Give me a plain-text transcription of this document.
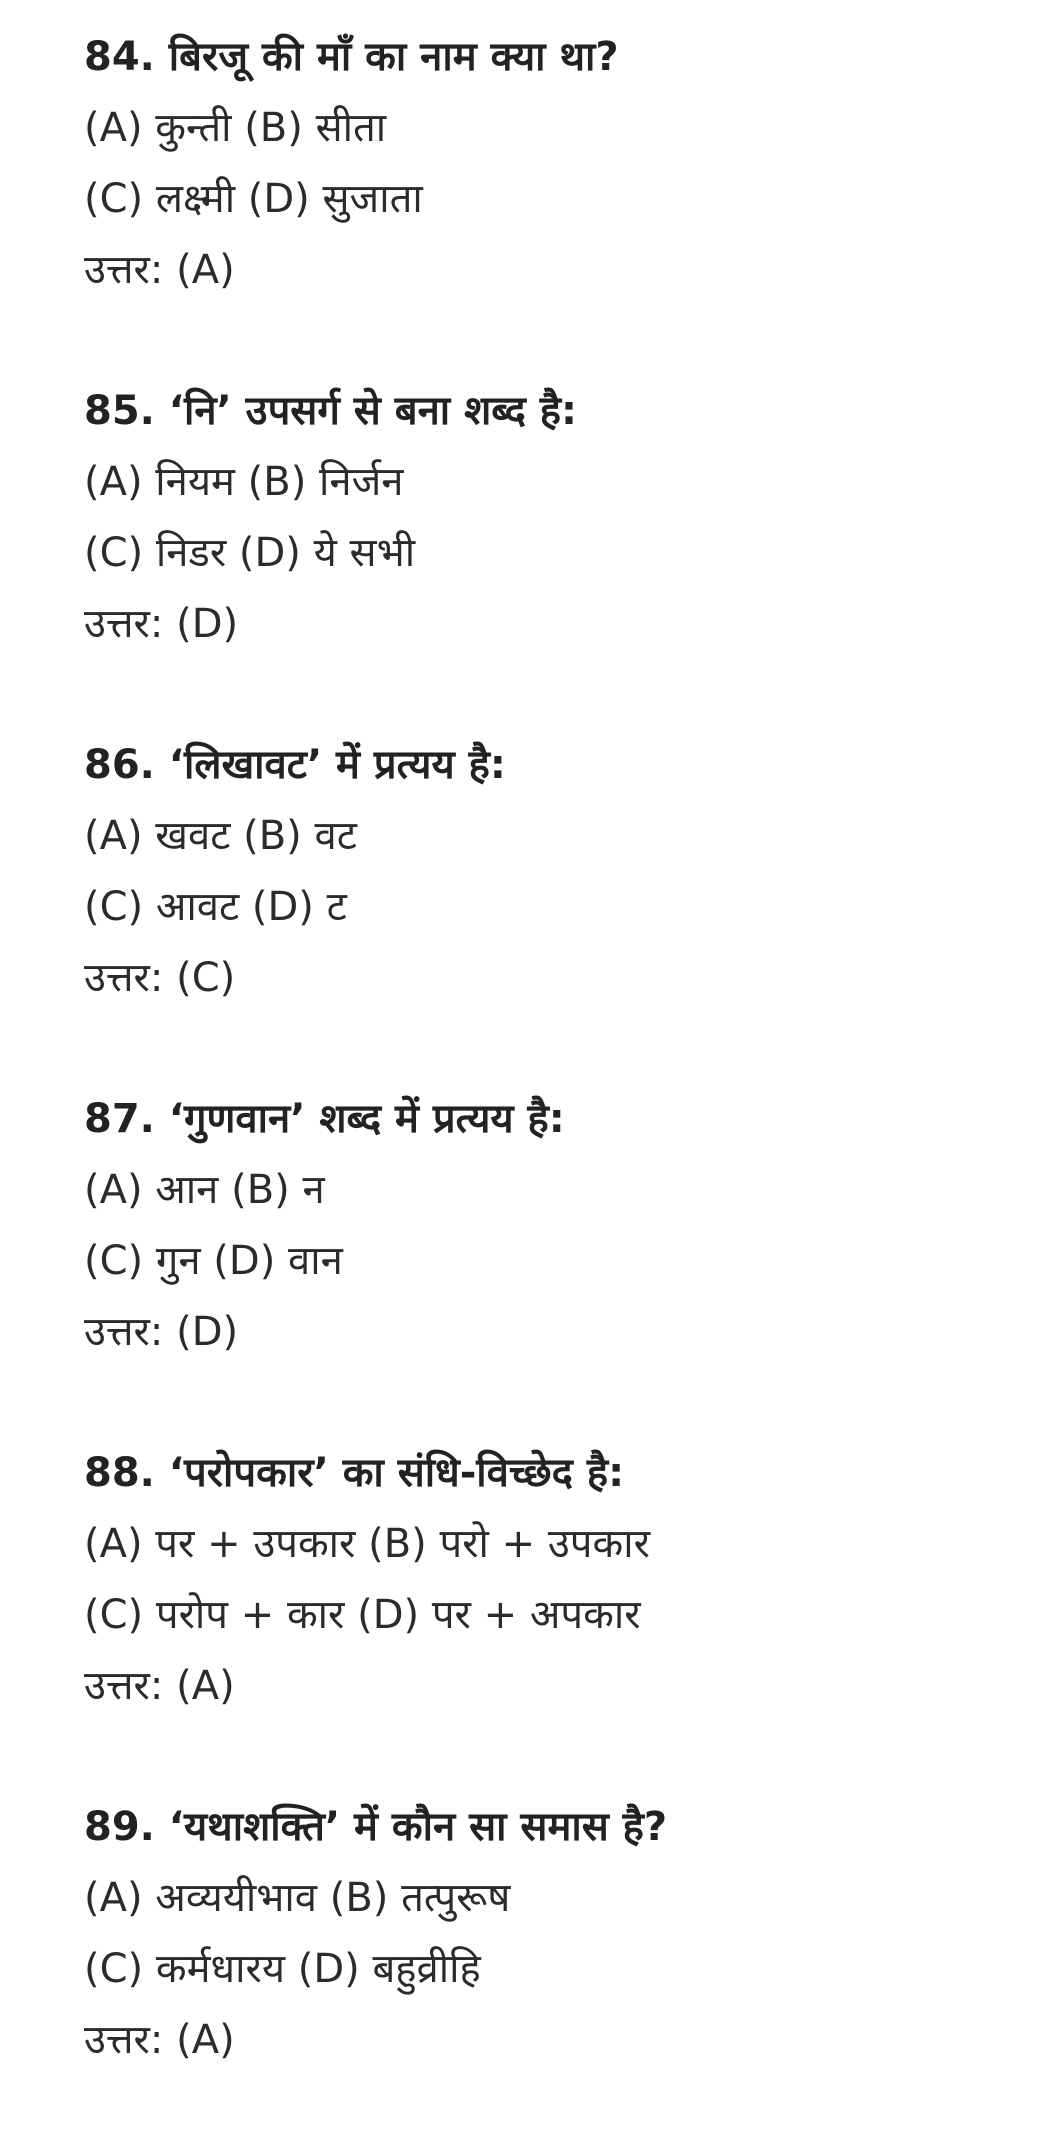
84. बिरजू की माँ का नाम क्या था?
(A) कुन्ती (B) सीता
(C) लक्ष्मी (D) सुजाता
उत्तर: (A)
85. ‘नि’ उपसर्ग से बना शब्द है:
(A) नियम (B) निर्जन
(C) निडर (D) ये सभी
उत्तर: (D)
86. ‘लिखावट’ में प्रत्यय है:
(A) खवट (B) वट
(C) आवट (D) ट
उत्तर: (C)
87. ‘गुणवान’ शब्द में प्रत्यय है:
(A) आन (B) न
(C) गुन (D) वान
उत्तर: (D)
88. ‘परोपकार’ का संधि-विच्छेद है:
(A) पर + उपकार (B) परो + उपकार
(C) परोप + कार (D) पर + अपकार
उत्तर: (A)
89. ‘यथाशक्ति’ में कौन सा समास है?
(A) अव्ययीभाव (B) तत्पुरूष
(C) कर्मधारय (D) बहुव्रीहि
उत्तर: (A)
